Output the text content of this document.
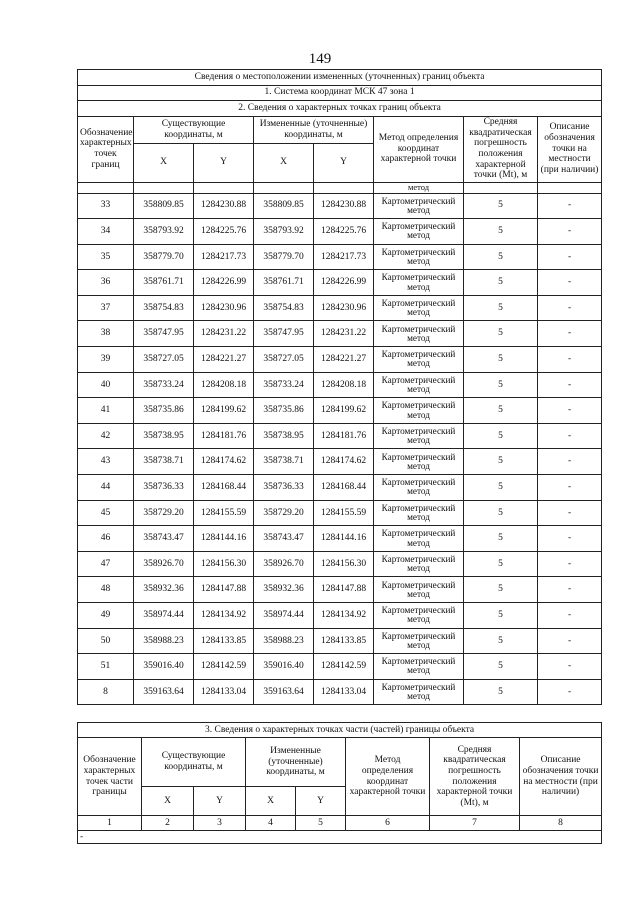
149
Сведения о местоположении измененных (уточненных) границ объекта							
1. Система координат МСК 47 зона 1							
2. Сведения о характерных точках границ объекта							
Обозначение характерных точек границ	Существующие координаты, м		Измененные (уточненные) координаты, м		Метод определения координат характерной точки	Средняя квадратическая погрешность положения характерной точки (Mt), м	Описание обозначения точки на местности (при наличии)
	X	Y	X	Y			
					метод		
33	358809.85	1284230.88	358809.85	1284230.88	Картометрический метод	5	-
34	358793.92	1284225.76	358793.92	1284225.76	Картометрический метод	5	-
35	358779.70	1284217.73	358779.70	1284217.73	Картометрический метод	5	-
36	358761.71	1284226.99	358761.71	1284226.99	Картометрический метод	5	-
37	358754.83	1284230.96	358754.83	1284230.96	Картометрический метод	5	-
38	358747.95	1284231.22	358747.95	1284231.22	Картометрический метод	5	-
39	358727.05	1284221.27	358727.05	1284221.27	Картометрический метод	5	-
40	358733.24	1284208.18	358733.24	1284208.18	Картометрический метод	5	-
41	358735.86	1284199.62	358735.86	1284199.62	Картометрический метод	5	-
42	358738.95	1284181.76	358738.95	1284181.76	Картометрический метод	5	-
43	358738.71	1284174.62	358738.71	1284174.62	Картометрический метод	5	-
44	358736.33	1284168.44	358736.33	1284168.44	Картометрический метод	5	-
45	358729.20	1284155.59	358729.20	1284155.59	Картометрический метод	5	-
46	358743.47	1284144.16	358743.47	1284144.16	Картометрический метод	5	-
47	358926.70	1284156.30	358926.70	1284156.30	Картометрический метод	5	-
48	358932.36	1284147.88	358932.36	1284147.88	Картометрический метод	5	-
49	358974.44	1284134.92	358974.44	1284134.92	Картометрический метод	5	-
50	358988.23	1284133.85	358988.23	1284133.85	Картометрический метод	5	-
51	359016.40	1284142.59	359016.40	1284142.59	Картометрический метод	5	-
8	359163.64	1284133.04	359163.64	1284133.04	Картометрический метод	5	-
3. Сведения о характерных точках части (частей) границы объекта							
Обозначение характерных точек части границы	Существующие координаты, м		Измененные (уточненные) координаты, м		Метод определения координат характерной точки	Средняя квадратическая погрешность положения характерной точки (Mt), м	Описание обозначения точки на местности (при наличии)
	X	Y	X	Y			
1	2	3	4	5	6	7	8
-							
